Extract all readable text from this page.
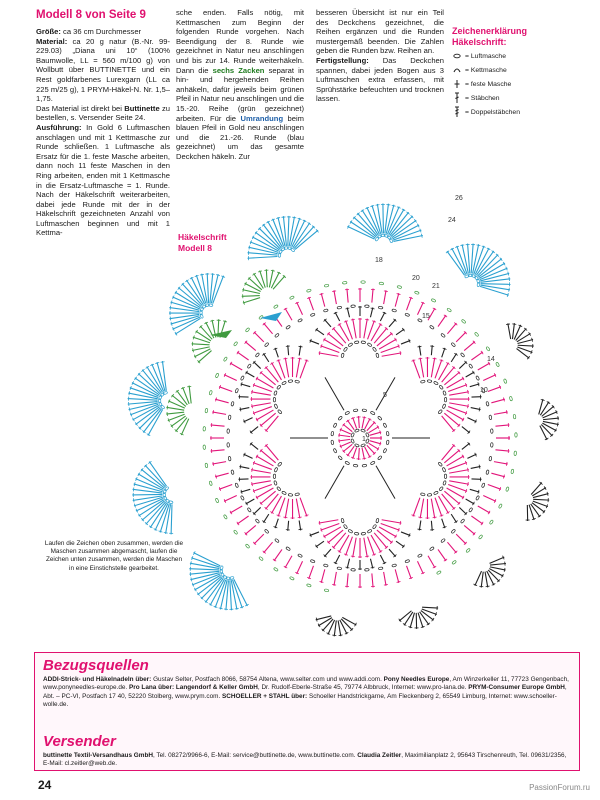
1
5
10
14
15
18
20
21
24
26
Modell 8 von Seite 9

Größe: ca 36 cm Durchmesser

Material: ca 20 g natur (B.-Nr. 99-229.03) „Diana uni 10“ (100% Baumwolle, LL = 560 m/100 g) von Wollbutt über BUTTINETTE und ein Rest goldfarbenes Lurexgarn (LL ca 225 m/25 g), 1 PRYM-Häkel-N. Nr. 1,5–1,75.

Das Material ist direkt bei Buttinette zu bestellen, s. Versender Seite 24.

Ausführung: In Gold 6 Luftmaschen anschlagen und mit 1 Kettmasche zur Runde schließen. 1 Luftmasche als Ersatz für die 1. feste Masche arbeiten, dann noch 11 feste Maschen in den Ring arbeiten, enden mit 1 Kettmasche in die Ersatz-Luftmasche = 1. Runde. Nach der Häkelschrift weiterarbeiten, dabei jede Runde mit der in der Häkelschrift gezeichneten Anzahl von Luftmaschen beginnen und mit 1 Kettma-

sche enden. Falls nötig, mit Kettmaschen zum Beginn der folgenden Runde vorgehen. Nach Beendigung der 8. Runde wie gezeichnet in Natur neu anschlingen und bis zur 14. Runde weiterhäkeln. Dann die sechs Zacken separat in hin- und hergehenden Reihen anhäkeln, dafür jeweils beim grünen Pfeil in Natur neu anschlingen und die 15.-20. Reihe (grün gezeichnet) arbeiten. Für die Umrandung beim blauen Pfeil in Gold neu anschlingen und die 21.-26. Runde (blau gezeichnet) um das gesamte Deckchen häkeln. Zur

besseren Übersicht ist nur ein Teil des Deckchens gezeichnet, die Reihen ergänzen und die Runden mustergemäß beenden. Die Zahlen geben die Runden bzw. Reihen an.

Fertigstellung: Das Deckchen spannen, dabei jeden Bogen aus 3 Luftmaschen extra erfassen, mit Sprühstärke befeuchten und trocknen lassen.

Zeichenerklärung
Häkelschrift:
= Luftmasche
= Kettmasche
= feste Masche
= Stäbchen
= Doppelstäbchen
Häkelschrift
Modell 8
Laufen die Zeichen oben zusammen, werden die Maschen zusammen abgemascht, laufen die Zeichen unten zusammen, werden die Maschen in eine Einstichstelle gearbeitet.
Bezugsquellen

ADDI-Strick- und Häkelnadeln über: Gustav Selter, Postfach 8066, 58754 Altena, www.selter.com und www.addi.com. Pony Needles Europe, Am Winzerkeller 11, 77723 Gengenbach, www.ponyneedles-europe.de. Pro Lana über: Langendorf & Keller GmbH, Dr. Rudolf-Eberle-Straße 45, 79774 Albbruck, Internet: www.pro-lana.de. PRYM-Consumer Europe GmbH, Abt. – PC-VI, Postfach 17 40, 52220 Stolberg, www.prym.com. SCHOELLER + STAHL über: Schoeller Handstrickgarne, Am Fleckenberg 2, 65549 Limburg, Internet: www.schoeller-wolle.de.

Versender

buttinette Textil-Versandhaus GmbH, Tel. 08272/9966-6, E-Mail: service@buttinette.de, www.buttinette.com. Claudia Zeitler, Maximilianplatz 2, 95643 Tirschenreuth, Tel. 09631/2356, E-Mail: cl.zeitler@web.de.

24	PassionForum.ru
